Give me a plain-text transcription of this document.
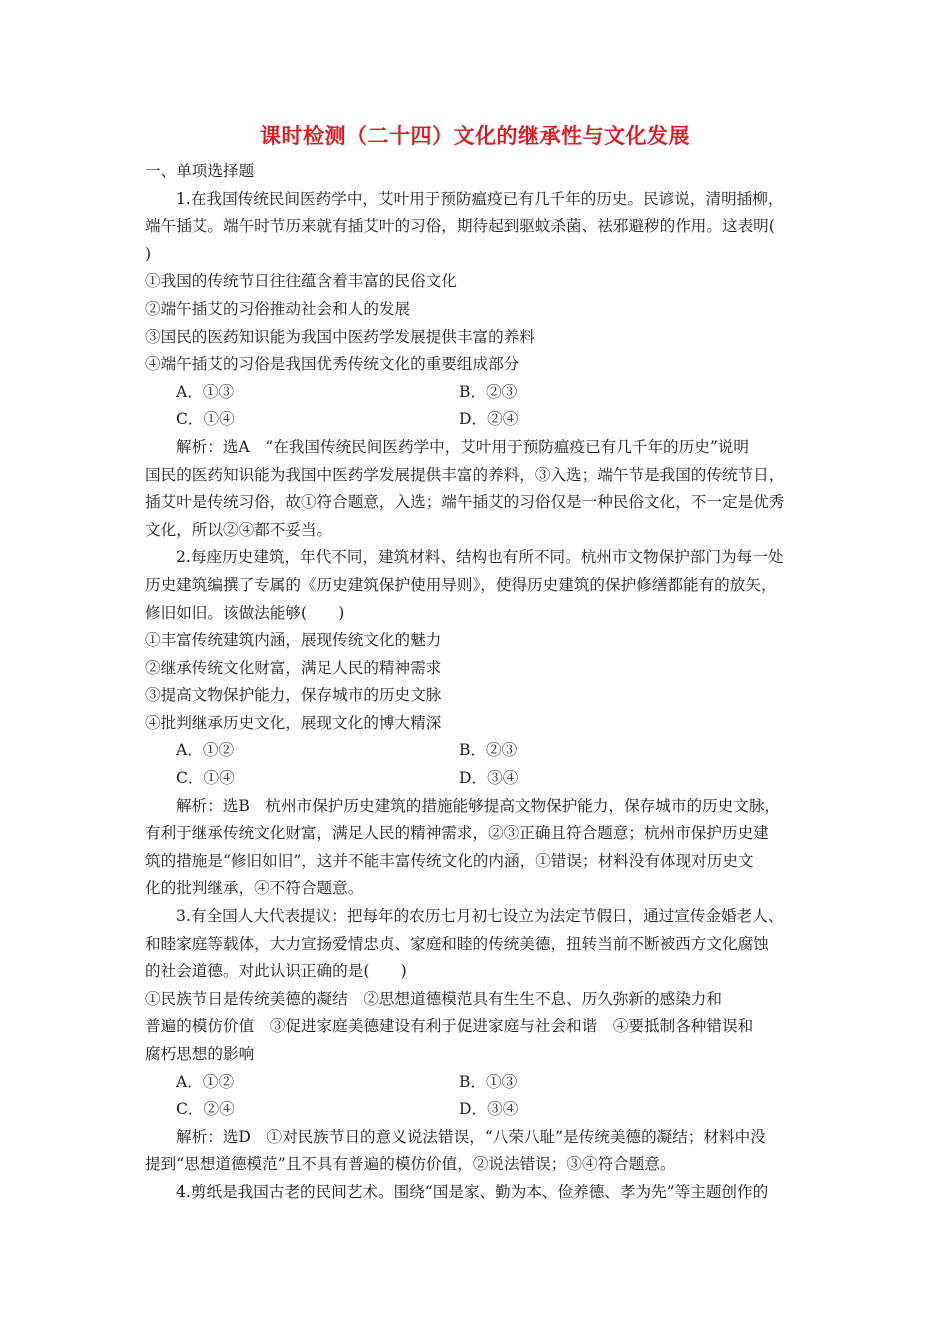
课时检测（二十四）文化的继承性与文化发展

一、单项选择题

1.在我国传统民间医药学中，艾叶用于预防瘟疫已有几千年的历史。民谚说，清明插柳，

端午插艾。端午时节历来就有插艾叶的习俗，期待起到驱蚊杀菌、祛邪避秽的作用。这表明(

)

①我国的传统节日往往蕴含着丰富的民俗文化

②端午插艾的习俗推动社会和人的发展

③国民的医药知识能为我国中医药学发展提供丰富的养料

④端午插艾的习俗是我国优秀传统文化的重要组成部分

A．①③	B．②③
C．①④	D．②④

解析：选A　“在我国传统民间医药学中，艾叶用于预防瘟疫已有几千年的历史”说明

国民的医药知识能为我国中医药学发展提供丰富的养料，③入选；端午节是我国的传统节日，

插艾叶是传统习俗，故①符合题意，入选；端午插艾的习俗仅是一种民俗文化，不一定是优秀

文化，所以②④都不妥当。

2.每座历史建筑，年代不同，建筑材料、结构也有所不同。杭州市文物保护部门为每一处

历史建筑编撰了专属的《历史建筑保护使用导则》，使得历史建筑的保护修缮都能有的放矢，

修旧如旧。该做法能够(　　)

①丰富传统建筑内涵，展现传统文化的魅力

②继承传统文化财富，满足人民的精神需求

③提高文物保护能力，保存城市的历史文脉

④批判继承历史文化，展现文化的博大精深

A．①②	B．②③
C．①④	D．③④

解析：选B　杭州市保护历史建筑的措施能够提高文物保护能力，保存城市的历史文脉，

有利于继承传统文化财富，满足人民的精神需求，②③正确且符合题意；杭州市保护历史建

筑的措施是“修旧如旧”，这并不能丰富传统文化的内涵，①错误；材料没有体现对历史文

化的批判继承，④不符合题意。

3.有全国人大代表提议：把每年的农历七月初七设立为法定节假日，通过宣传金婚老人、

和睦家庭等载体，大力宣扬爱情忠贞、家庭和睦的传统美德，扭转当前不断被西方文化腐蚀

的社会道德。对此认识正确的是(　　)

①民族节日是传统美德的凝结　②思想道德模范具有生生不息、历久弥新的感染力和

普遍的模仿价值　③促进家庭美德建设有利于促进家庭与社会和谐　④要抵制各种错误和

腐朽思想的影响

A．①②	B．①③
C．②④	D．③④

解析：选D　①对民族节日的意义说法错误，“八荣八耻”是传统美德的凝结；材料中没

提到“思想道德模范”且不具有普遍的模仿价值，②说法错误；③④符合题意。

4.剪纸是我国古老的民间艺术。围绕“国是家、勤为本、俭养德、孝为先”等主题创作的
